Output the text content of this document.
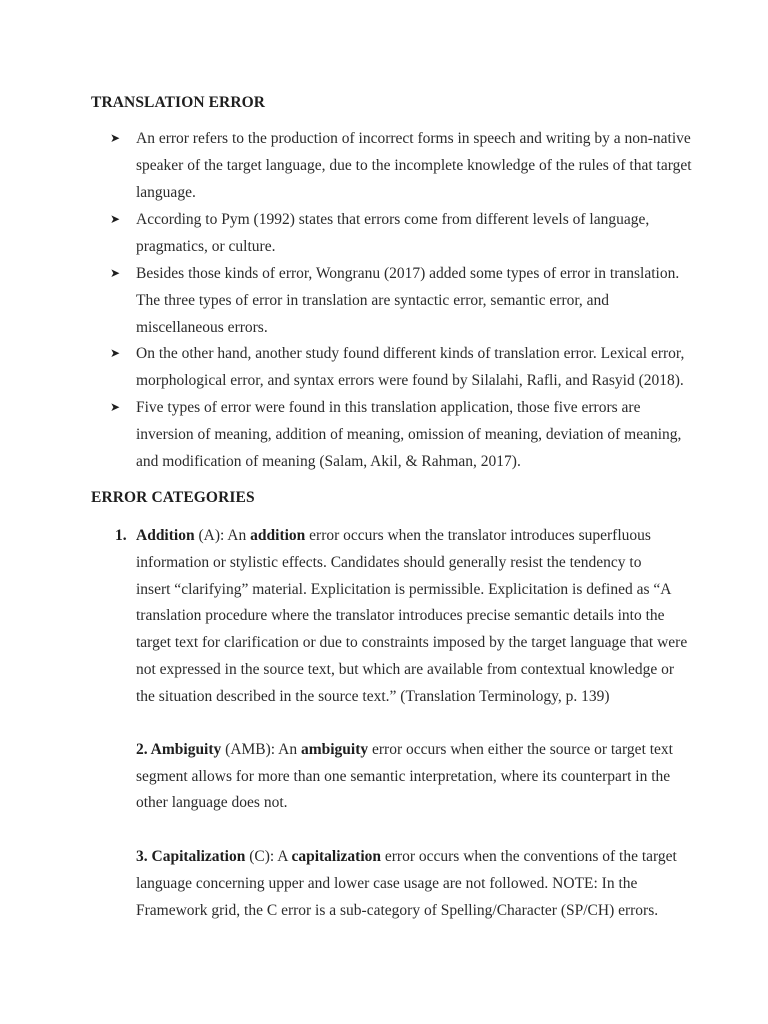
TRANSLATION ERROR
➤ An error refers to the production of incorrect forms in speech and writing by a non-native
speaker of the target language, due to the incomplete knowledge of the rules of that target
language.
➤ According to Pym (1992) states that errors come from different levels of language,
pragmatics, or culture.
➤ Besides those kinds of error, Wongranu (2017) added some types of error in translation.
The three types of error in translation are syntactic error, semantic error, and
miscellaneous errors.
➤ On the other hand, another study found different kinds of translation error. Lexical error,
morphological error, and syntax errors were found by Silalahi, Rafli, and Rasyid (2018).
➤ Five types of error were found in this translation application, those five errors are
inversion of meaning, addition of meaning, omission of meaning, deviation of meaning,
and modification of meaning (Salam, Akil, & Rahman, 2017).
ERROR CATEGORIES
1. Addition (A): An addition error occurs when the translator introduces superfluous
information or stylistic effects. Candidates should generally resist the tendency to
insert “clarifying” material. Explicitation is permissible. Explicitation is defined as “A
translation procedure where the translator introduces precise semantic details into the
target text for clarification or due to constraints imposed by the target language that were
not expressed in the source text, but which are available from contextual knowledge or
the situation described in the source text.” (Translation Terminology, p. 139)
2. Ambiguity (AMB): An ambiguity error occurs when either the source or target text
segment allows for more than one semantic interpretation, where its counterpart in the
other language does not.
3. Capitalization (C): A capitalization error occurs when the conventions of the target
language concerning upper and lower case usage are not followed. NOTE: In the
Framework grid, the C error is a sub-category of Spelling/Character (SP/CH) errors.
